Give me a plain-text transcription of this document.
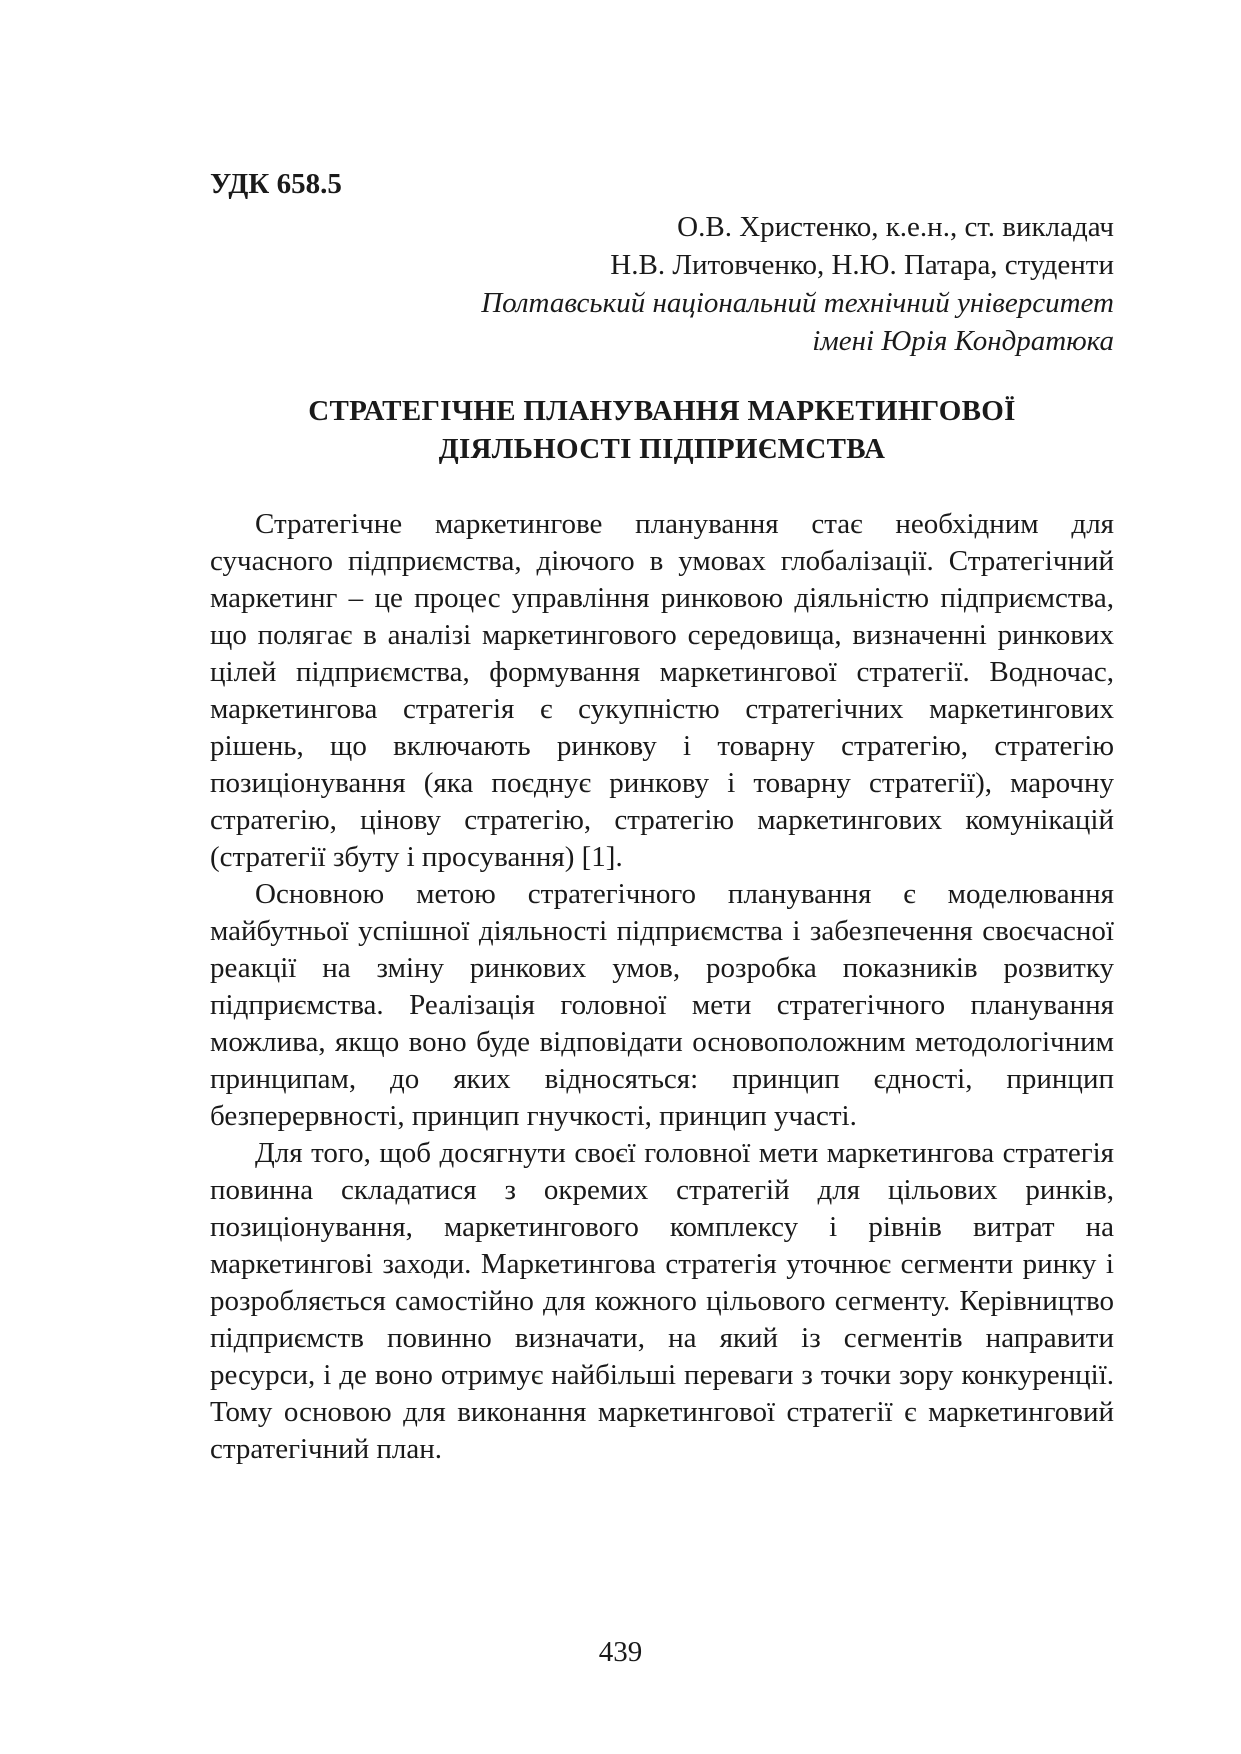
УДК 658.5
О.В. Христенко, к.е.н., ст. викладач
Н.В. Литовченко, Н.Ю. Патара, студенти
Полтавський національний технічний університет
імені Юрія Кондратюка
СТРАТЕГІЧНЕ ПЛАНУВАННЯ МАРКЕТИНГОВОЇ
ДІЯЛЬНОСТІ ПІДПРИЄМСТВА

Стратегічне маркетингове планування стає необхідним для сучасного підприємства, діючого в умовах глобалізації. Стратегічний маркетинг – це процес управління ринковою діяльністю підприємства, що полягає в аналізі маркетингового середовища, визначенні ринкових цілей підприємства, формування маркетингової стратегії. Водночас, маркетингова стратегія є сукупністю стратегічних маркетингових рішень, що включають ринкову і товарну стратегію, стратегію позиціонування (яка поєднує ринкову і товарну стратегії), марочну стратегію, цінову стратегію, стратегію маркетингових комунікацій (стратегії збуту і просування) [1].

Основною метою стратегічного планування є моделювання майбутньої успішної діяльності підприємства і забезпечення своєчасної реакції на зміну ринкових умов, розробка показників розвитку підприємства. Реалізація головної мети стратегічного планування можлива, якщо воно буде відповідати основоположним методологічним принципам, до яких відносяться: принцип єдності, принцип безперервності, принцип гнучкості, принцип участі.

Для того, щоб досягнути своєї головної мети маркетингова стратегія повинна складатися з окремих стратегій для цільових ринків, позиціонування, маркетингового комплексу і рівнів витрат на маркетингові заходи. Маркетингова стратегія уточнює сегменти ринку і розробляється самостійно для кожного цільового сегменту. Керівництво підприємств повинно визначати, на який із сегментів направити ресурси, і де воно отримує найбільші переваги з точки зору конкуренції. Тому основою для виконання маркетингової стратегії є маркетинговий стратегічний план.

439
